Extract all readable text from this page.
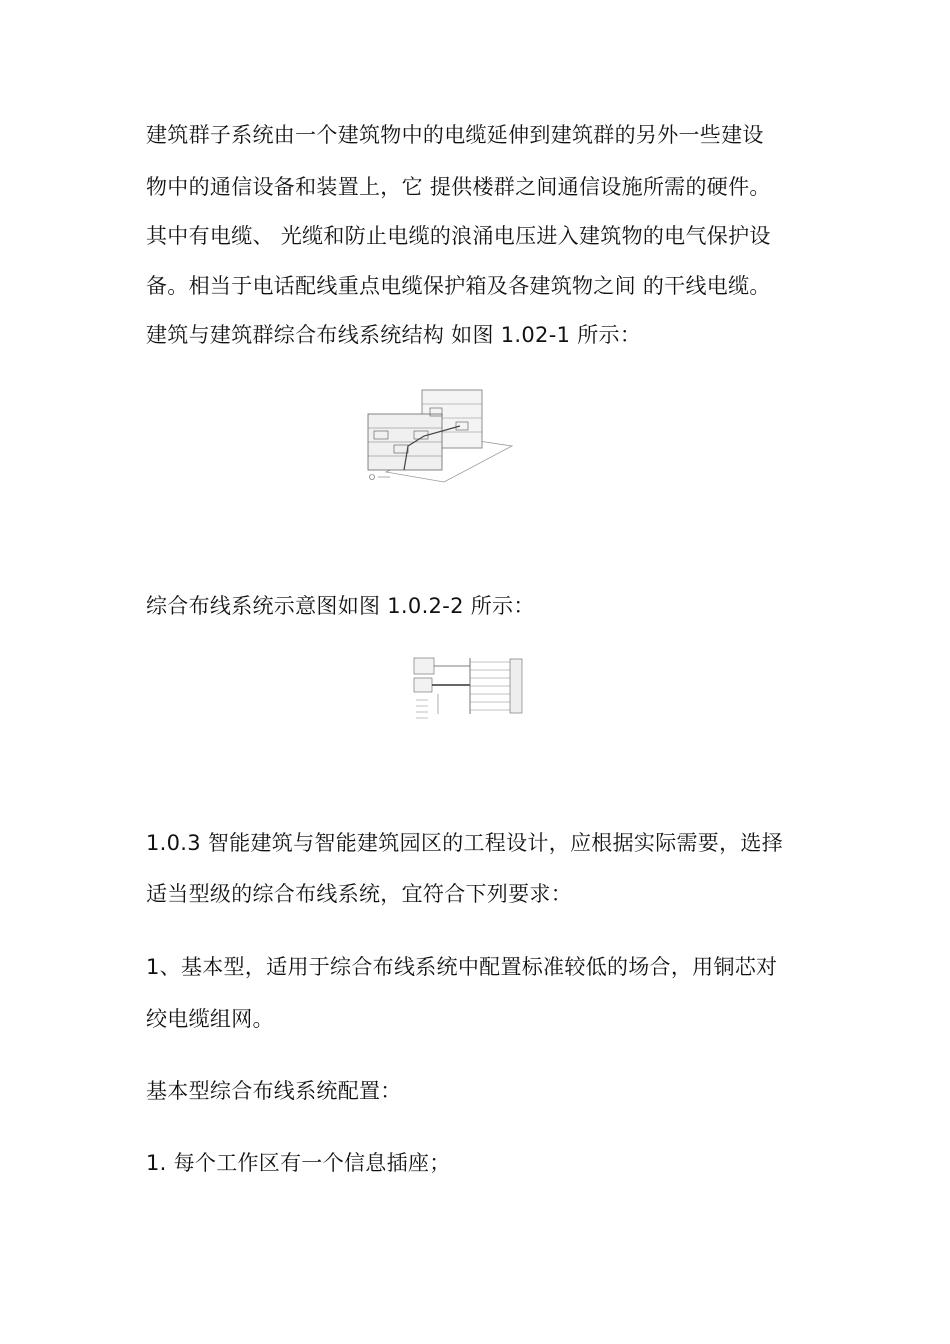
建筑群子系统由一个建筑物中的电缆延伸到建筑群的另外一些建设
物中的通信设备和装置上，它 提供楼群之间通信设施所需的硬件。
其中有电缆、 光缆和防止电缆的浪涌电压进入建筑物的电气保护设
备。相当于电话配线重点电缆保护箱及各建筑物之间 的干线电缆。
建筑与建筑群综合布线系统结构 如图 1.02-1 所示：
综合布线系统示意图如图 1.0.2-2 所示：
1.0.3 智能建筑与智能建筑园区的工程设计，应根据实际需要，选择
适当型级的综合布线系统，宜符合下列要求：
1、基本型，适用于综合布线系统中配置标准较低的场合，用铜芯对
绞电缆组网。
基本型综合布线系统配置：
1. 每个工作区有一个信息插座；
